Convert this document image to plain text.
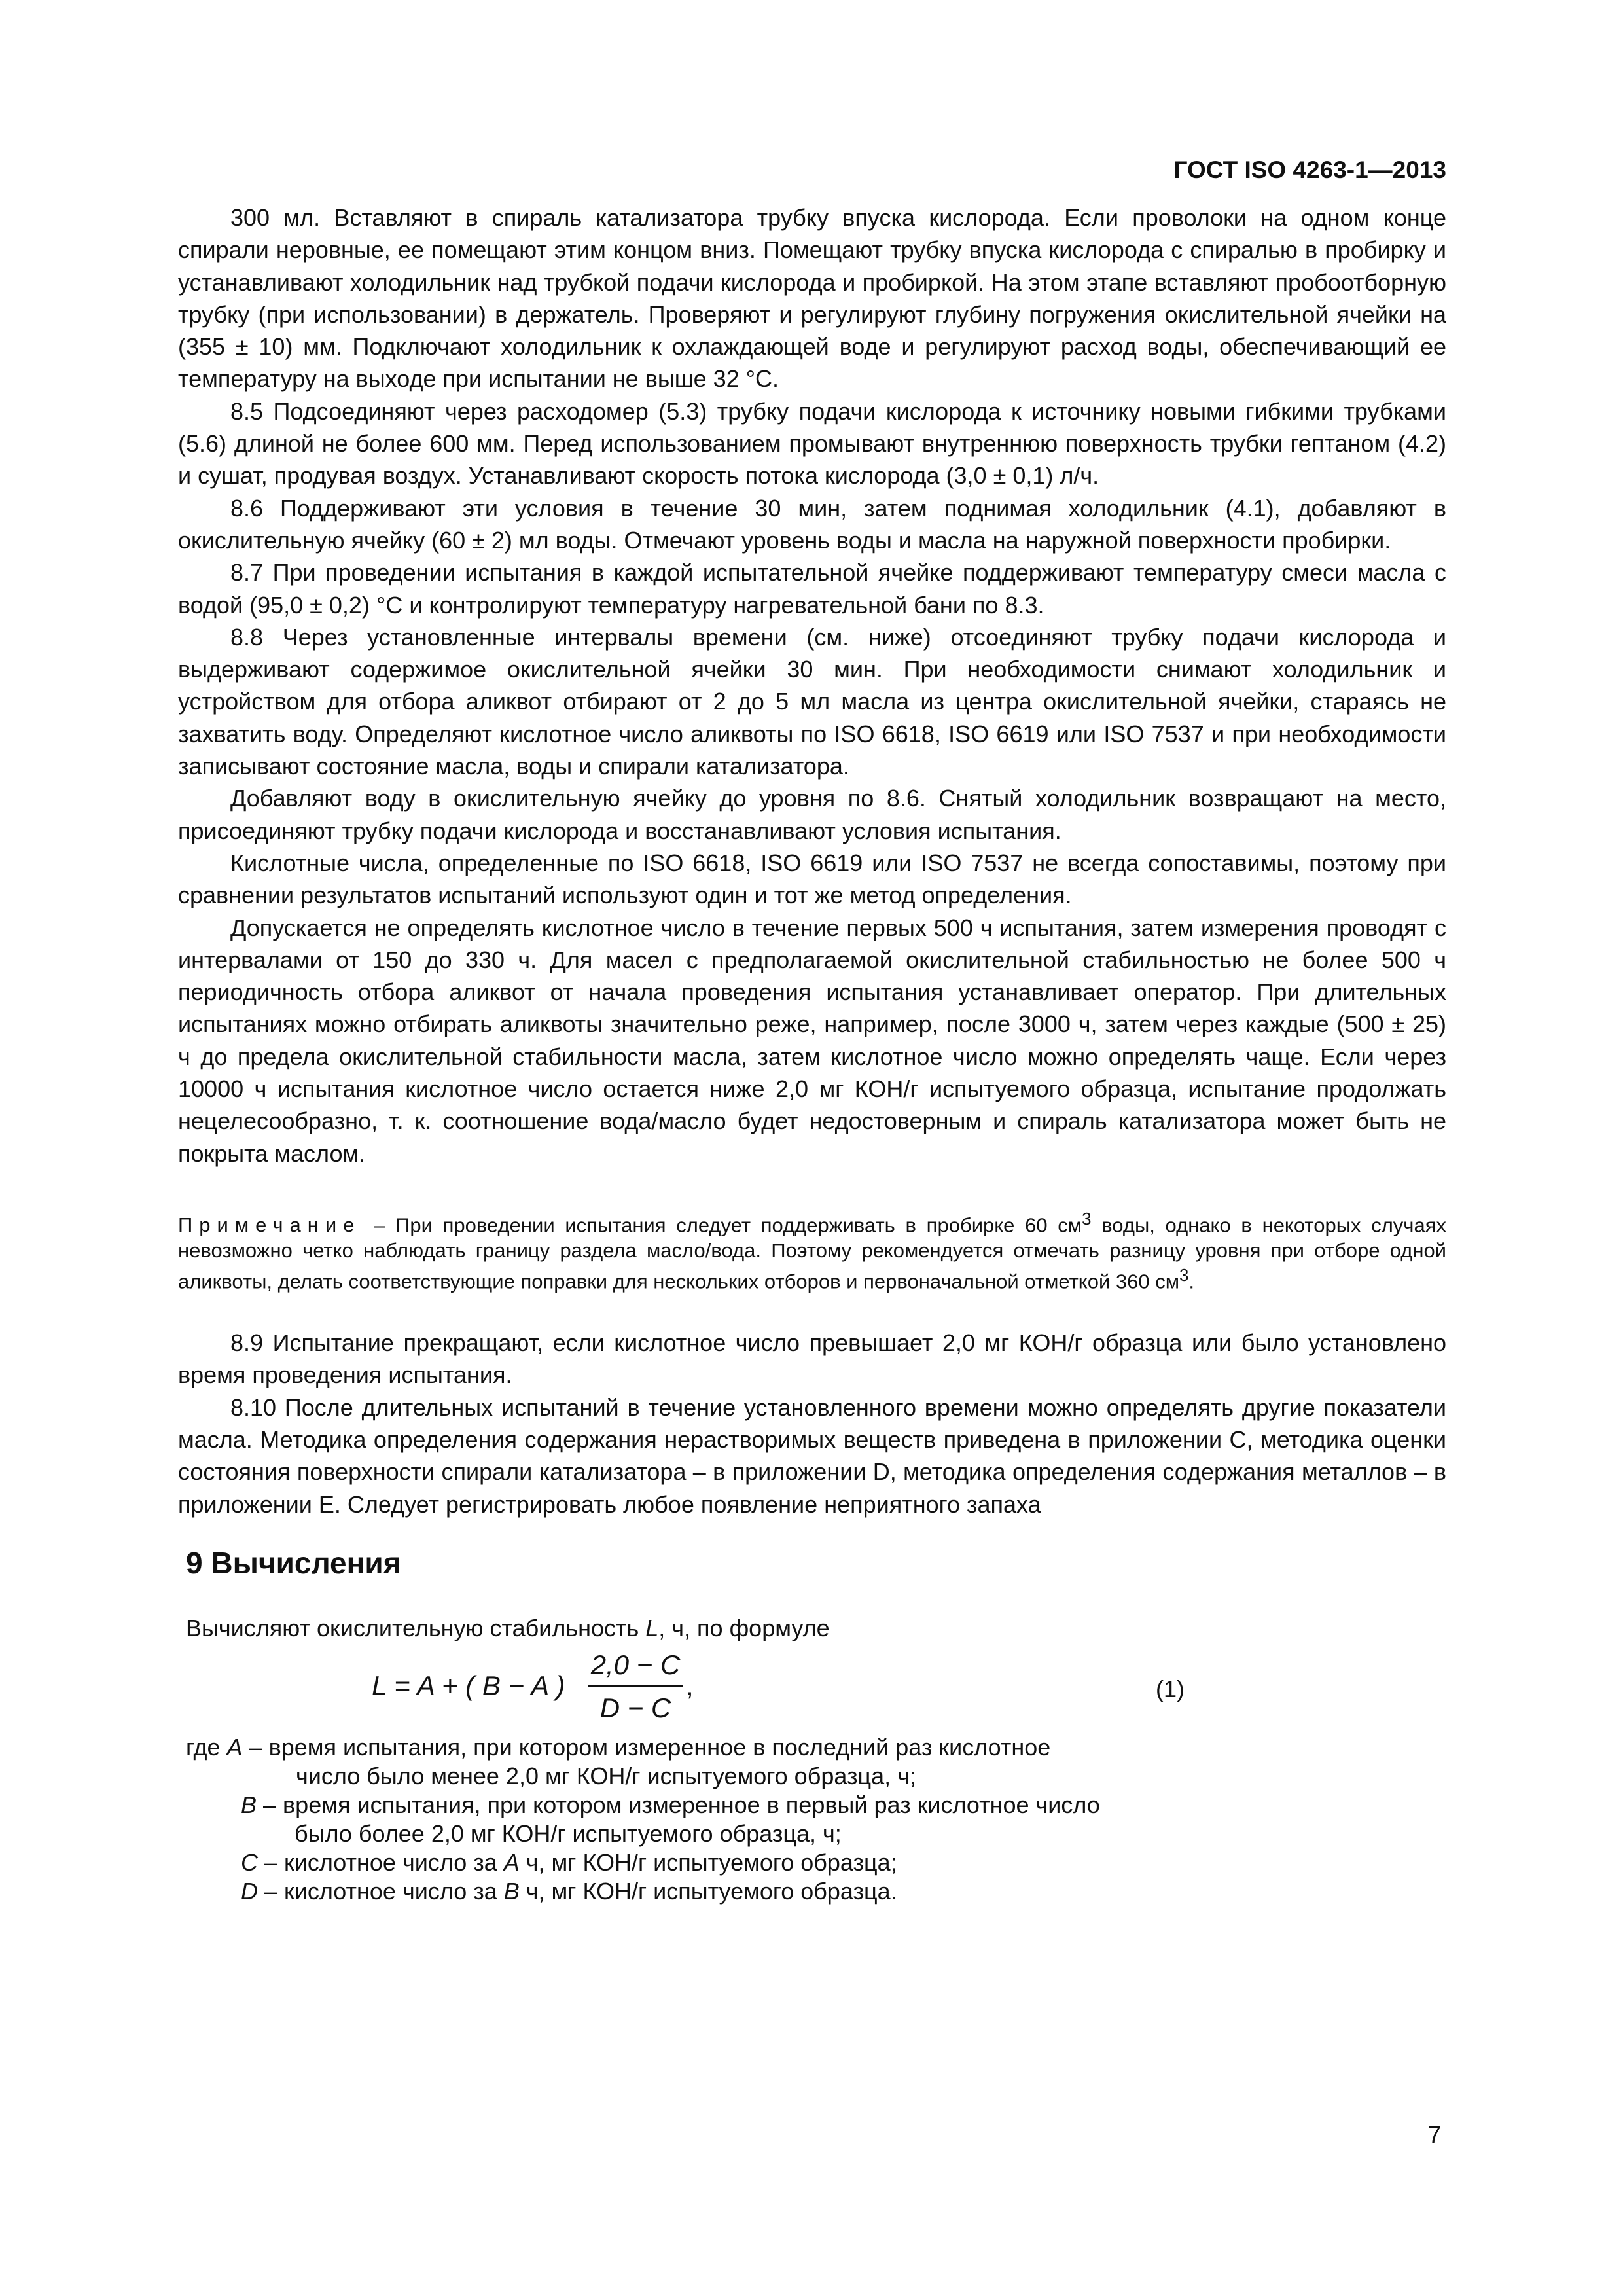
ГОСТ ISO 4263-1—2013

300 мл. Вставляют в спираль катализатора трубку впуска кислорода. Если проволоки на одном конце спирали неровные, ее помещают этим концом вниз. Помещают трубку впуска кислорода с спиралью в пробирку и устанавливают холодильник над трубкой подачи кислорода и пробиркой. На этом этапе вставляют пробоотборную трубку (при использовании) в держатель. Проверяют и регулируют глубину погружения окислительной ячейки на (355 ± 10) мм. Подключают холодильник к охлаждающей воде и регулируют расход воды, обеспечивающий ее температуру на выходе при испытании не выше 32 °С.

8.5 Подсоединяют через расходомер (5.3) трубку подачи кислорода к источнику новыми гибкими трубками (5.6) длиной не более 600 мм. Перед использованием промывают внутреннюю поверхность трубки гептаном (4.2) и сушат, продувая воздух. Устанавливают скорость потока кислорода (3,0 ± 0,1) л/ч.

8.6 Поддерживают эти условия в течение 30 мин, затем поднимая холодильник (4.1), добавляют в окислительную ячейку (60 ± 2) мл воды. Отмечают уровень воды и масла на наружной поверхности пробирки.

8.7 При проведении испытания в каждой испытательной ячейке поддерживают температуру смеси масла с водой (95,0 ± 0,2) °С и контролируют температуру нагревательной бани по 8.3.

8.8 Через установленные интервалы времени (см. ниже) отсоединяют трубку подачи кислорода и выдерживают содержимое окислительной ячейки 30 мин. При необходимости снимают холодильник и устройством для отбора аликвот отбирают от 2 до 5 мл масла из центра окислительной ячейки, стараясь не захватить воду. Определяют кислотное число аликвоты по ISO 6618, ISO 6619 или ISO 7537 и при необходимости записывают состояние масла, воды и спирали катализатора.

Добавляют воду в окислительную ячейку до уровня по 8.6. Снятый холодильник возвращают на место, присоединяют трубку подачи кислорода и восстанавливают условия испытания.

Кислотные числа, определенные по ISO 6618, ISO 6619 или ISO 7537 не всегда сопоставимы, поэтому при сравнении результатов испытаний используют один и тот же метод определения.

Допускается не определять кислотное число в течение первых 500 ч испытания, затем измерения проводят с интервалами от 150 до 330 ч. Для масел с предполагаемой окислительной стабильностью не более 500 ч периодичность отбора аликвот от начала проведения испытания устанавливает оператор. При длительных испытаниях можно отбирать аликвоты значительно реже, например, после 3000 ч, затем через каждые (500 ± 25) ч до предела окислительной стабильности масла, затем кислотное число можно определять чаще. Если через 10000 ч испытания кислотное число остается ниже 2,0 мг КОН/г испытуемого образца, испытание продолжать нецелесообразно, т. к. соотношение вода/масло будет недостоверным и спираль катализатора может быть не покрыта маслом.

Примечание – При проведении испытания следует поддерживать в пробирке 60 $см^3$ воды, однако в некоторых случаях невозможно четко наблюдать границу раздела масло/вода. Поэтому рекомендуется отмечать разницу уровня при отборе одной аликвоты, делать соответствующие поправки для нескольких отборов и первоначальной отметкой 360 $см^3$.

8.9 Испытание прекращают, если кислотное число превышает 2,0 мг КОН/г образца или было установлено время проведения испытания.

8.10 После длительных испытаний в течение установленного времени можно определять другие показатели масла. Методика определения содержания нерастворимых веществ приведена в приложении С, методика оценки состояния поверхности спирали катализатора – в приложении D, методика определения содержания металлов – в приложении E. Следует регистрировать любое появление неприятного запаха

9 Вычисления

Вычисляют окислительную стабильность L, ч, по формуле

L = A + ( B − A )
2,0 − C
D − C
,	(1)
где A – время испытания, при котором измеренное в последний раз кислотное
число было менее 2,0 мг КОН/г испытуемого образца, ч;
B – время испытания, при котором измеренное в первый раз кислотное число
было более 2,0 мг КОН/г испытуемого образца, ч;
C – кислотное число за A ч, мг КОН/г испытуемого образца;
D – кислотное число за B ч, мг КОН/г испытуемого образца.
7
